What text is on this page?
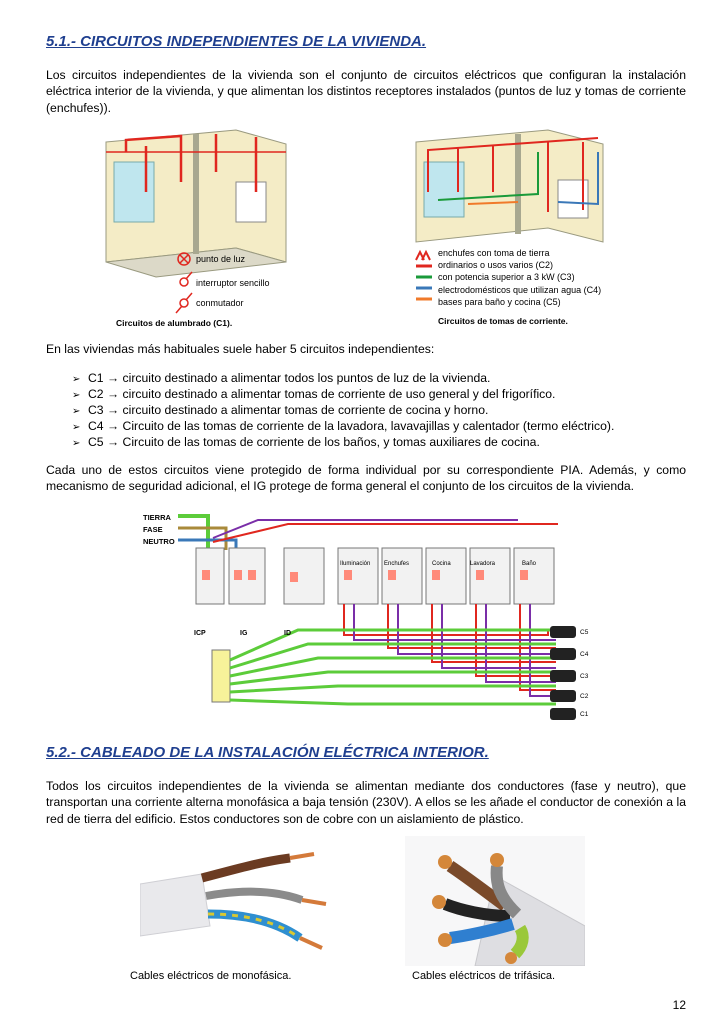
5.1.- CIRCUITOS INDEPENDIENTES DE LA VIVIENDA.
Los circuitos independientes de la vivienda son el conjunto de circuitos eléctricos que configuran la instalación eléctrica interior de la vivienda, y que alimentan los distintos receptores instalados (puntos de luz y tomas de corriente (enchufes)).
punto de luz
interruptor sencillo
conmutador
Circuitos de alumbrado (C1).
enchufes con toma de tierra
ordinarios o usos varios (C2)
con potencia superior a 3 kW (C3)
electrodomésticos que utilizan agua (C4)
bases para baño y cocina (C5)
Circuitos de tomas de corriente.
En las viviendas más habituales suele haber 5 circuitos independientes:
➢ C1 → circuito destinado a alimentar todos los puntos de luz de la vivienda.
➢ C2 → circuito destinado a alimentar tomas de corriente de uso general y del frigorífico.
➢ C3 → circuito destinado a alimentar tomas de corriente de cocina y horno.
➢ C4 → Circuito de las tomas de corriente de la lavadora, lavavajillas y calentador (termo eléctrico).
➢ C5 → Circuito de las tomas de corriente de los baños, y tomas auxiliares de cocina.
Cada uno de estos circuitos viene protegido de forma individual por su correspondiente PIA. Además, y como mecanismo de seguridad adicional, el IG protege de forma general el conjunto de los circuitos de la vivienda.
TIERRA
FASE
NEUTRO
ICP	IG	ID
Iluminación Enchufes	Cocina	Lavadora	Baño
C5
C4
C3
C2
C1
5.2.- CABLEADO DE LA INSTALACIÓN ELÉCTRICA INTERIOR.
Todos los circuitos independientes de la vivienda se alimentan mediante dos conductores (fase y neutro), que transportan una corriente alterna monofásica a baja tensión (230V). A ellos se les añade el conductor de conexión a la red de tierra del edificio. Estos conductores son de cobre con un aislamiento de plástico.
Cables eléctricos de monofásica.	Cables eléctricos de trifásica.
12
